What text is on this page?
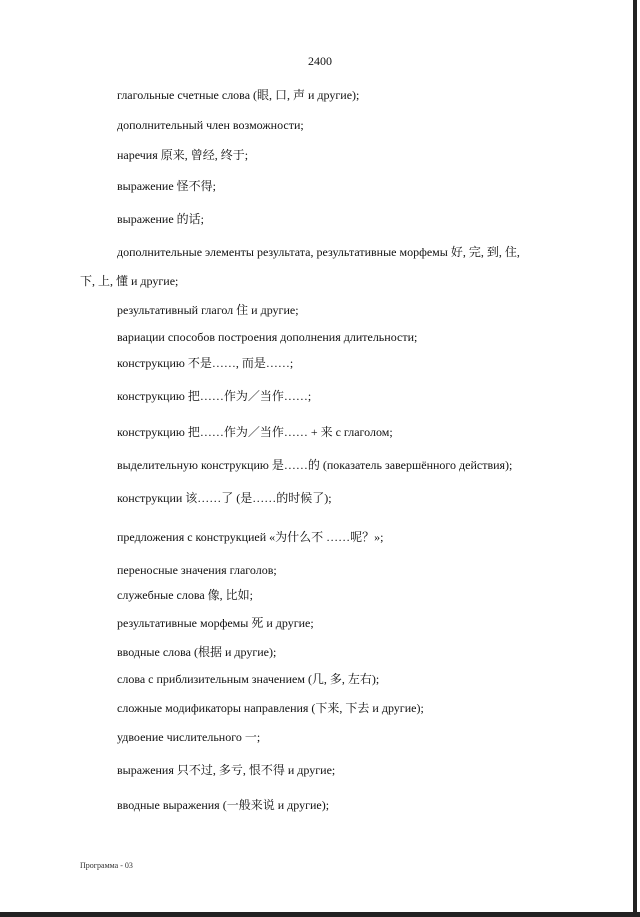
2400
глагольные счетные слова (眼, 口, 声 и другие);
дополнительный член возможности;
наречия 原来, 曾经, 终于;
выражение 怪不得;
выражение 的话;
дополнительные элементы результата, результативные морфемы 好, 完, 到, 住,
下, 上, 懂 и другие;
результативный глагол 住 и другие;
вариации способов построения дополнения длительности;
конструкцию 不是……, 而是……;
конструкцию 把……作为／当作……;
конструкцию 把……作为／当作…… + 来 с глаголом;
выделительную конструкцию 是……的 (показатель завершённого действия);
конструкции 该……了 (是……的时候了);
предложения с конструкцией «为什么不 ……呢？»;
переносные значения глаголов;
служебные слова 像, 比如;
результативные морфемы 死 и другие;
вводные слова (根据 и другие);
слова с приблизительным значением (几, 多, 左右);
сложные модификаторы направления (下来, 下去 и другие);
удвоение числительного 一;
выражения 只不过, 多亏, 恨不得 и другие;
вводные выражения (一般来说 и другие);
Программа - 03
